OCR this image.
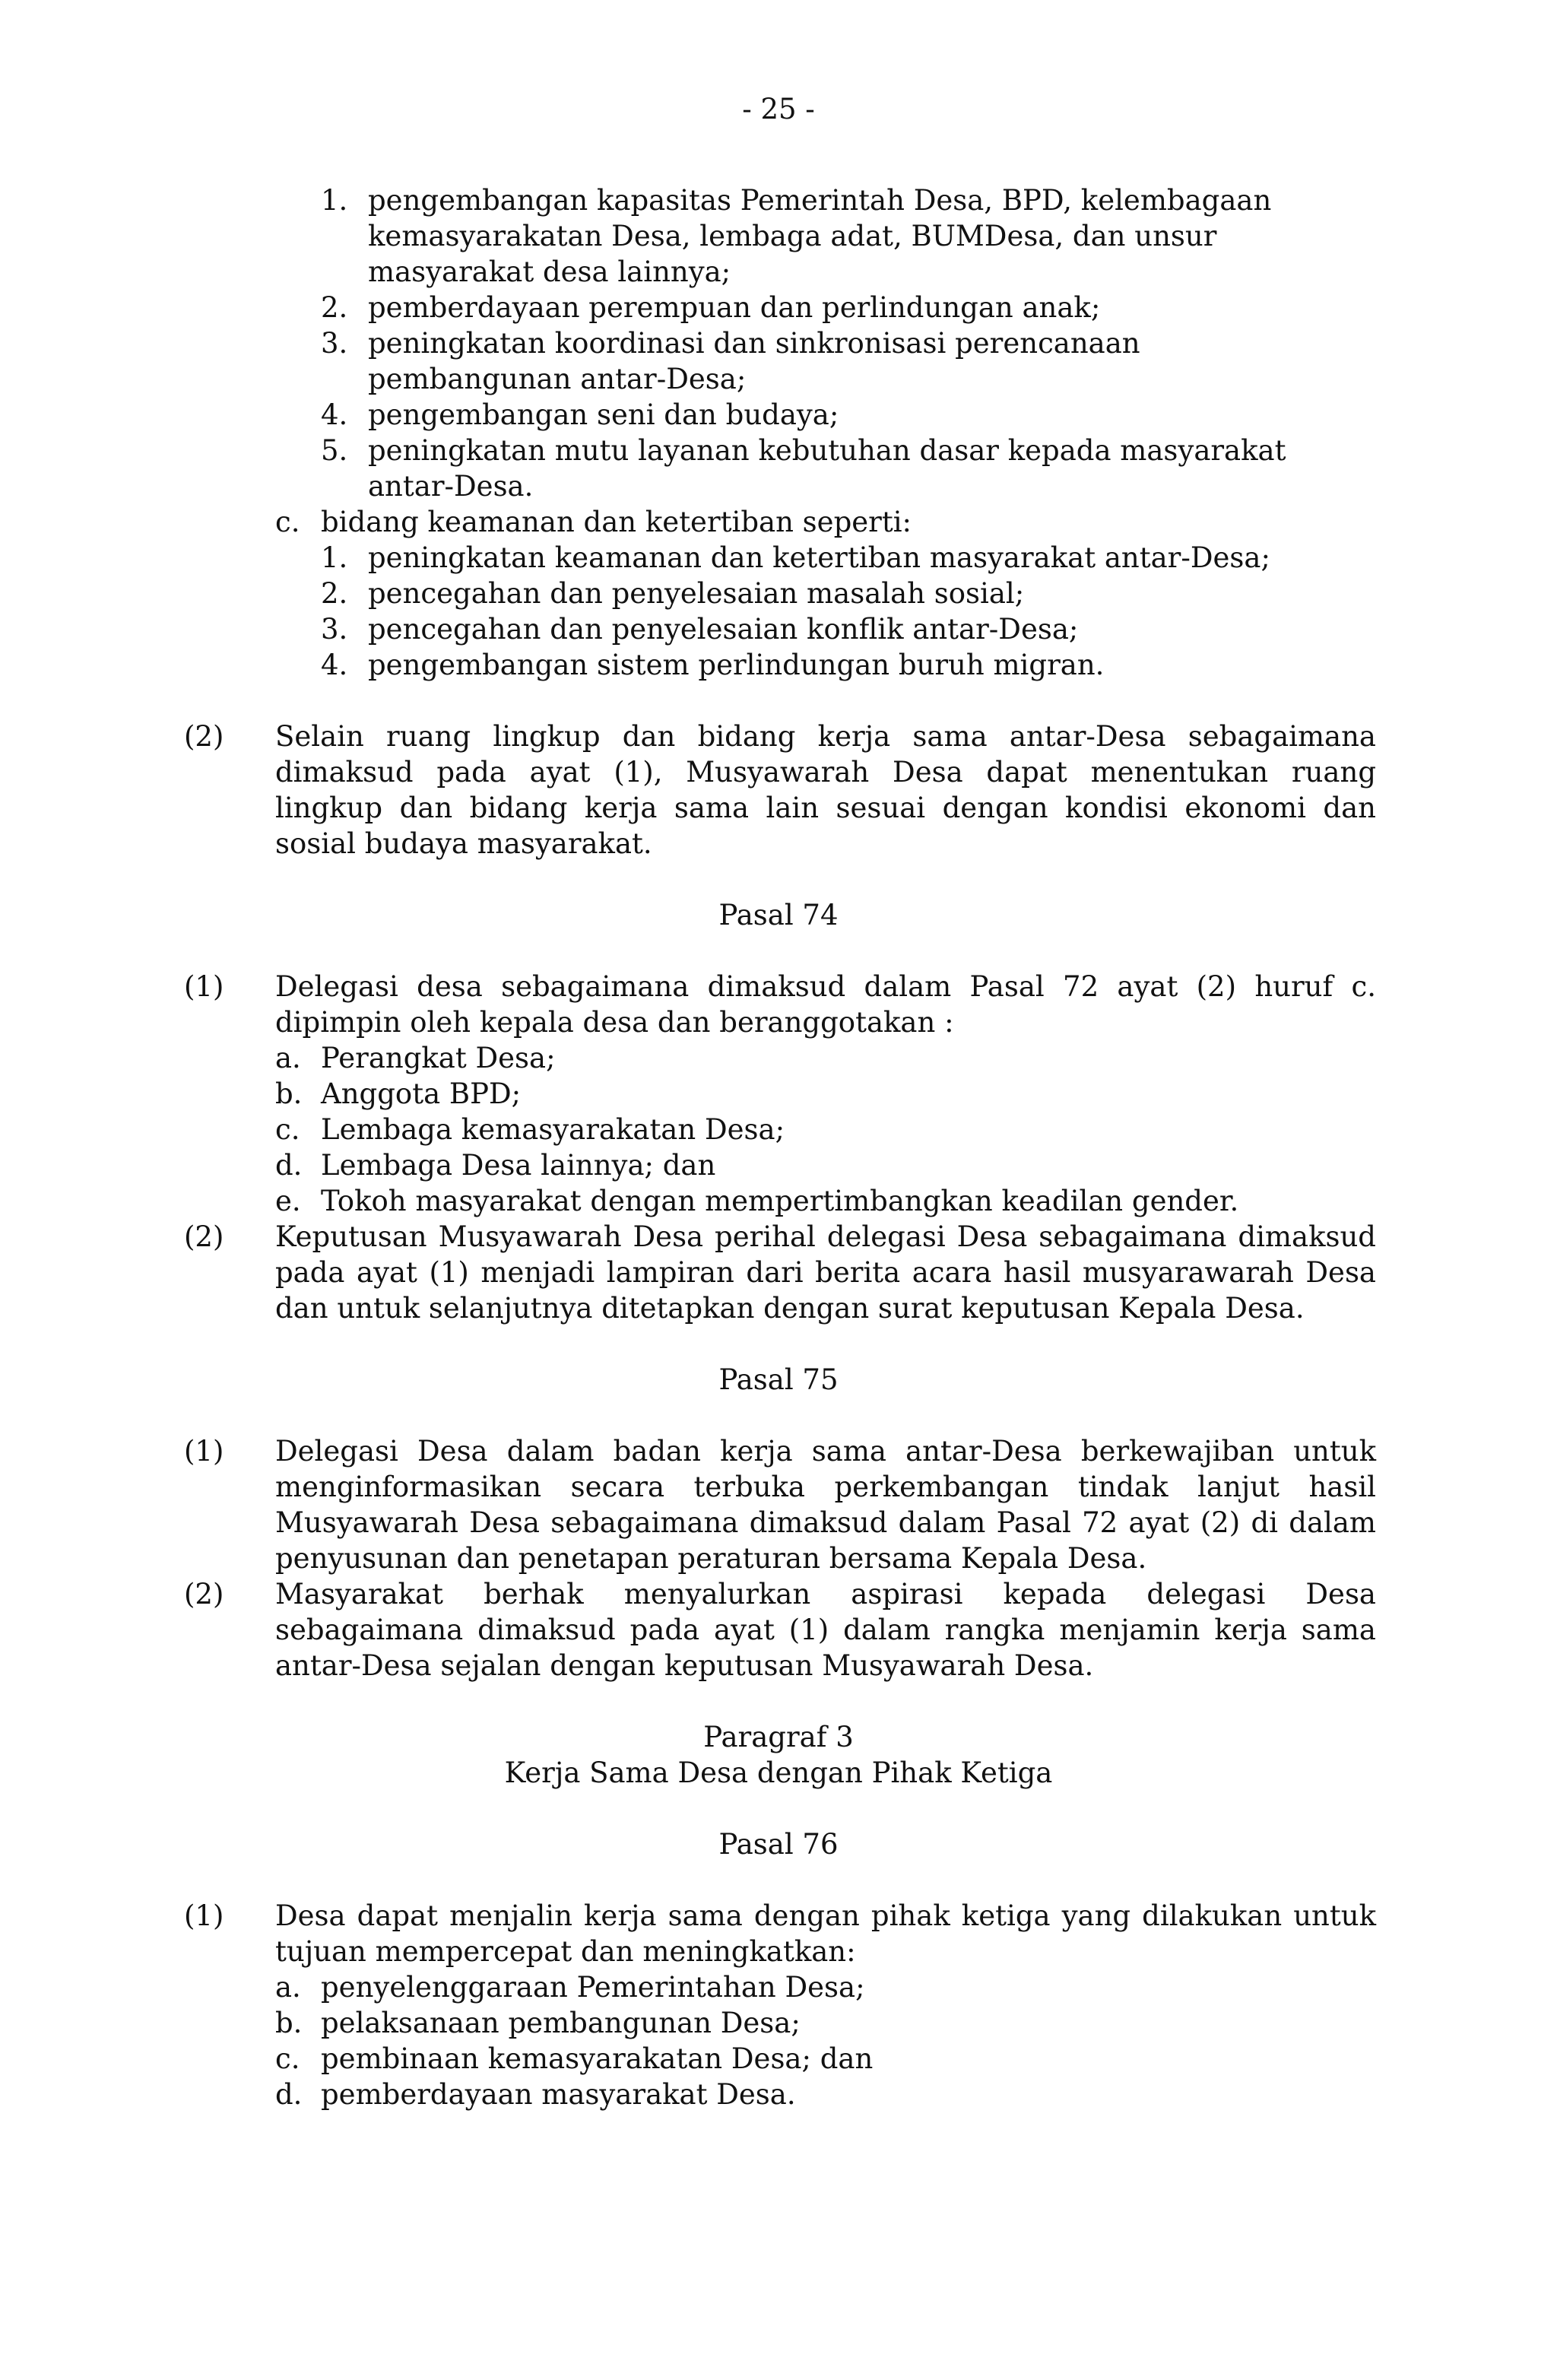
- 25 -
1. pengembangan kapasitas Pemerintah Desa, BPD, kelembagaan kemasyarakatan Desa, lembaga adat, BUMDesa, dan unsur masyarakat desa lainnya;
2. pemberdayaan perempuan dan perlindungan anak;
3. peningkatan koordinasi dan sinkronisasi perencanaan pembangunan antar-Desa;
4. pengembangan seni dan budaya;
5. peningkatan mutu layanan kebutuhan dasar kepada masyarakat antar-Desa.
c. bidang keamanan dan ketertiban seperti:
1. peningkatan keamanan dan ketertiban masyarakat antar-Desa;
2. pencegahan dan penyelesaian masalah sosial;
3. pencegahan dan penyelesaian konflik antar-Desa;
4. pengembangan sistem perlindungan buruh migran.
(2) Selain ruang lingkup dan bidang kerja sama antar-Desa sebagaimana dimaksud pada ayat (1), Musyawarah Desa dapat menentukan ruang lingkup dan bidang kerja sama lain sesuai dengan kondisi ekonomi dan sosial budaya masyarakat.
Pasal 74
(1) Delegasi desa sebagaimana dimaksud dalam Pasal 72 ayat (2) huruf c. dipimpin oleh kepala desa dan beranggotakan :
a. Perangkat Desa;
b. Anggota BPD;
c. Lembaga kemasyarakatan Desa;
d. Lembaga Desa lainnya; dan
e. Tokoh masyarakat dengan mempertimbangkan keadilan gender.
(2) Keputusan Musyawarah Desa perihal delegasi Desa sebagaimana dimaksud pada ayat (1) menjadi lampiran dari berita acara hasil musyarawarah Desa dan untuk selanjutnya ditetapkan dengan surat keputusan Kepala Desa.
Pasal 75
(1) Delegasi Desa dalam badan kerja sama antar-Desa berkewajiban untuk menginformasikan secara terbuka perkembangan tindak lanjut hasil Musyawarah Desa sebagaimana dimaksud dalam Pasal 72 ayat (2) di dalam penyusunan dan penetapan peraturan bersama Kepala Desa.
(2) Masyarakat berhak menyalurkan aspirasi kepada delegasi Desa sebagaimana dimaksud pada ayat (1) dalam rangka menjamin kerja sama antar-Desa sejalan dengan keputusan Musyawarah Desa.
Paragraf 3
Kerja Sama Desa dengan Pihak Ketiga
Pasal 76
(1) Desa dapat menjalin kerja sama dengan pihak ketiga yang dilakukan untuk tujuan mempercepat dan meningkatkan:
a. penyelenggaraan Pemerintahan Desa;
b. pelaksanaan pembangunan Desa;
c. pembinaan kemasyarakatan Desa; dan
d. pemberdayaan masyarakat Desa.
